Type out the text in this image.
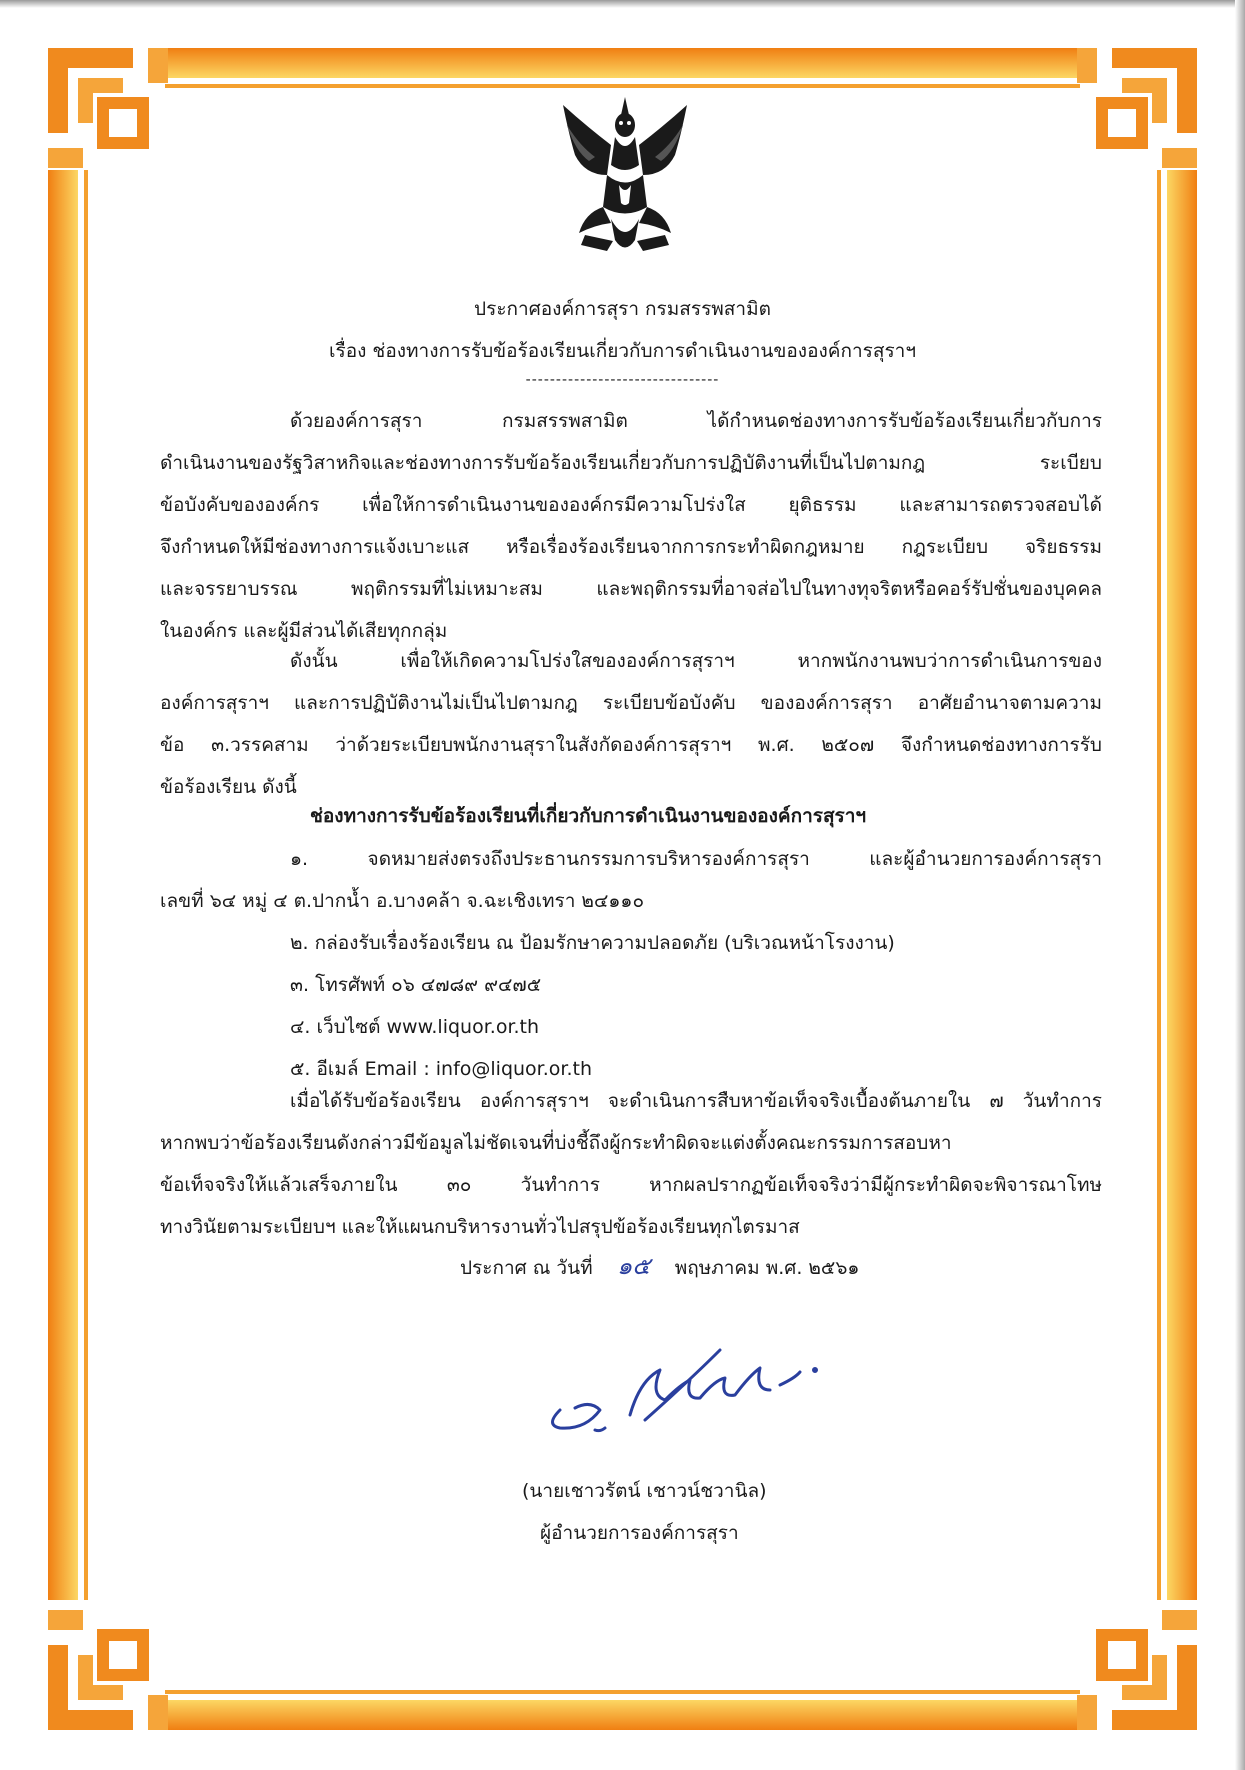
ประกาศองค์การสุรา กรมสรรพสามิต
เรื่อง ช่องทางการรับข้อร้องเรียนเกี่ยวกับการดำเนินงานขององค์การสุราฯ
--------------------------------
ด้วยองค์การสุรา กรมสรรพสามิต ได้กำหนดช่องทางการรับข้อร้องเรียนเกี่ยวกับการ
ดำเนินงานของรัฐวิสาหกิจและช่องทางการรับข้อร้องเรียนเกี่ยวกับการปฏิบัติงานที่เป็นไปตามกฎ ระเบียบ
ข้อบังคับขององค์กร เพื่อให้การดำเนินงานขององค์กรมีความโปร่งใส ยุติธรรม และสามารถตรวจสอบได้
จึงกำหนดให้มีช่องทางการแจ้งเบาะแส หรือเรื่องร้องเรียนจากการกระทำผิดกฎหมาย กฎระเบียบ จริยธรรม
และจรรยาบรรณ พฤติกรรมที่ไม่เหมาะสม และพฤติกรรมที่อาจส่อไปในทางทุจริตหรือคอร์รัปชั่นของบุคคล
ในองค์กร และผู้มีส่วนได้เสียทุกกลุ่ม
ดังนั้น เพื่อให้เกิดความโปร่งใสขององค์การสุราฯ หากพนักงานพบว่าการดำเนินการของ
องค์การสุราฯ และการปฏิบัติงานไม่เป็นไปตามกฎ ระเบียบข้อบังคับ ขององค์การสุรา อาศัยอำนาจตามความ
ข้อ ๓.วรรคสาม ว่าด้วยระเบียบพนักงานสุราในสังกัดองค์การสุราฯ พ.ศ. ๒๕๐๗ จึงกำหนดช่องทางการรับ
ข้อร้องเรียน ดังนี้
ช่องทางการรับข้อร้องเรียนที่เกี่ยวกับการดำเนินงานขององค์การสุราฯ
๑. จดหมายส่งตรงถึงประธานกรรมการบริหารองค์การสุรา และผู้อำนวยการองค์การสุรา
เลขที่ ๖๔ หมู่ ๔ ต.ปากน้ำ อ.บางคล้า จ.ฉะเชิงเทรา ๒๔๑๑๐
๒. กล่องรับเรื่องร้องเรียน ณ ป้อมรักษาความปลอดภัย (บริเวณหน้าโรงงาน)
๓. โทรศัพท์ ๐๖ ๔๗๘๙ ๙๔๗๕
๔. เว็บไซต์ www.liquor.or.th
๕. อีเมล์ Email : info@liquor.or.th
เมื่อได้รับข้อร้องเรียน องค์การสุราฯ จะดำเนินการสืบหาข้อเท็จจริงเบื้องต้นภายใน ๗ วันทำการ
หากพบว่าข้อร้องเรียนดังกล่าวมีข้อมูลไม่ชัดเจนที่บ่งชี้ถึงผู้กระทำผิดจะแต่งตั้งคณะกรรมการสอบหา
ข้อเท็จจริงให้แล้วเสร็จภายใน ๓๐ วันทำการ หากผลปรากฏข้อเท็จจริงว่ามีผู้กระทำผิดจะพิจารณาโทษ
ทางวินัยตามระเบียบฯ และให้แผนกบริหารงานทั่วไปสรุปข้อร้องเรียนทุกไตรมาส
ประกาศ ณ วันที่ ๑๕ พฤษภาคม พ.ศ. ๒๕๖๑
(นายเชาวรัตน์ เชาวน์ชวานิล)
ผู้อำนวยการองค์การสุรา
